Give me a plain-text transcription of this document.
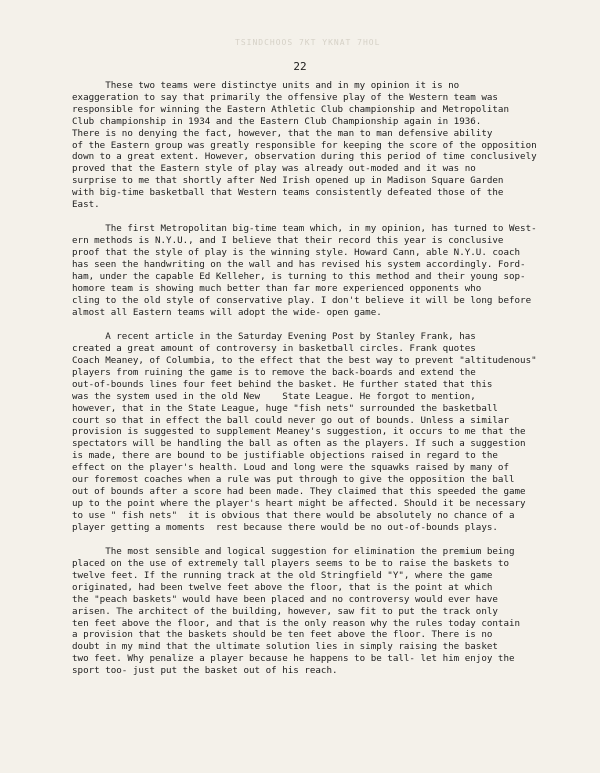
TSINDCHOOS 7KT YKNAT 7HOL
22
These two teams were distinctye units and in my opinion it is no
exaggeration to say that primarily the offensive play of the Western team was
responsible for winning the Eastern Athletic Club championship and Metropolitan
Club championship in 1934 and the Eastern Club Championship again in 1936.
There is no denying the fact, however, that the man to man defensive ability
of the Eastern group was greatly responsible for keeping the score of the opposition
down to a great extent. However, observation during this period of time conclusively
proved that the Eastern style of play was already out-moded and it was no
surprise to me that shortly after Ned Irish opened up in Madison Square Garden
with big-time basketball that Western teams consistently defeated those of the
East.
The first Metropolitan big-time team which, in my opinion, has turned to West-
ern methods is N.Y.U., and I believe that their record this year is conclusive
proof that the style of play is the winning style. Howard Cann, able N.Y.U. coach
has seen the handwriting on the wall and has revised his system accordingly. Ford-
ham, under the capable Ed Kelleher, is turning to this method and their young sop-
homore team is showing much better than far more experienced opponents who
cling to the old style of conservative play. I don't believe it will be long before
almost all Eastern teams will adopt the wide- open game.
A recent article in the Saturday Evening Post by Stanley Frank, has
created a great amount of controversy in basketball circles. Frank quotes
Coach Meaney, of Columbia, to the effect that the best way to prevent "altitudenous"
players from ruining the game is to remove the back-boards and extend the
out-of-bounds lines four feet behind the basket. He further stated that this
was the system used in the old New    State League. He forgot to mention,
however, that in the State League, huge "fish nets" surrounded the basketball
court so that in effect the ball could never go out of bounds. Unless a similar
provision is suggested to supplement Meaney's suggestion, it occurs to me that the
spectators will be handling the ball as often as the players. If such a suggestion
is made, there are bound to be justifiable objections raised in regard to the
effect on the player's health. Loud and long were the squawks raised by many of
our foremost coaches when a rule was put through to give the opposition the ball
out of bounds after a score had been made. They claimed that this speeded the game
up to the point where the player's heart might be affected. Should it be necessary
to use " fish nets"  it is obvious that there would be absolutely no chance of a
player getting a moments  rest because there would be no out-of-bounds plays.
The most sensible and logical suggestion for elimination the premium being
placed on the use of extremely tall players seems to be to raise the baskets to
twelve feet. If the running track at the old Stringfield "Y", where the game
originated, had been twelve feet above the floor, that is the point at which
the "peach baskets" would have been placed and no controversy would ever have
arisen. The architect of the building, however, saw fit to put the track only
ten feet above the floor, and that is the only reason why the rules today contain
a provision that the baskets should be ten feet above the floor. There is no
doubt in my mind that the ultimate solution lies in simply raising the basket
two feet. Why penalize a player because he happens to be tall- let him enjoy the
sport too- just put the basket out of his reach.
